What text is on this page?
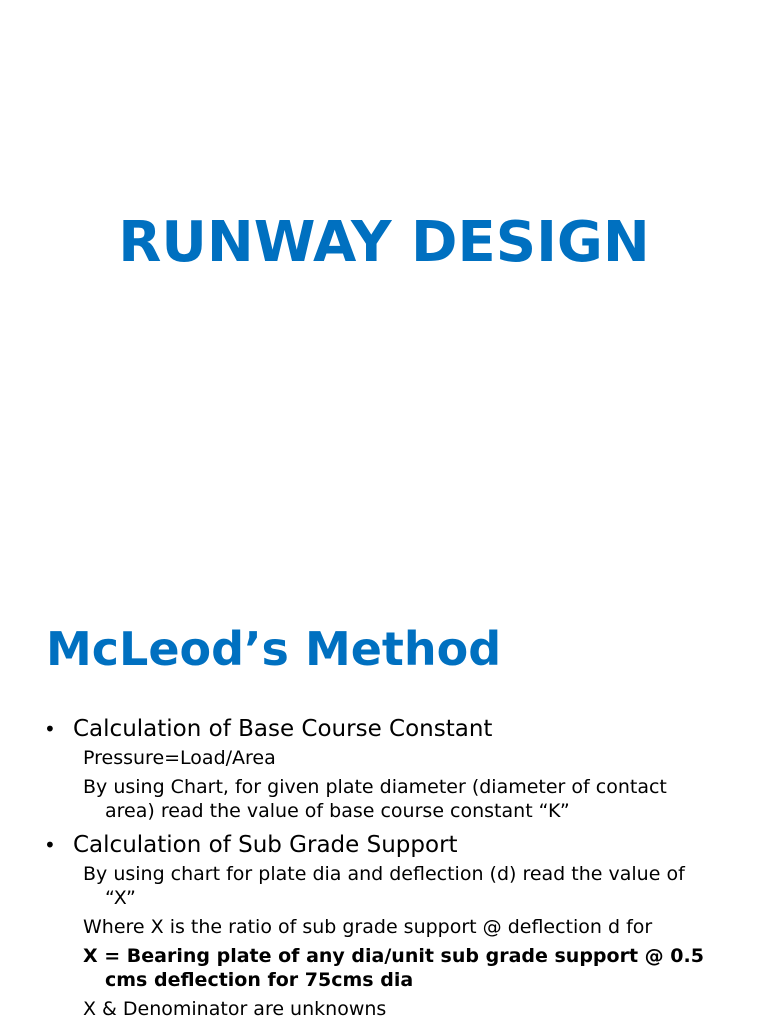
RUNWAY DESIGN
McLeod’s Method
• Calculation of Base Course Constant
Pressure=Load/Area
By using Chart, for given plate diameter (diameter of contact area) read the value of base course constant “K”
• Calculation of Sub Grade Support
By using chart for plate dia and deflection (d) read the value of “X”
Where X is the ratio of sub grade support @ deflection d for
X = Bearing plate of any dia/unit sub grade support @ 0.5 cms deflection for 75cms dia
X & Denominator are unknowns
